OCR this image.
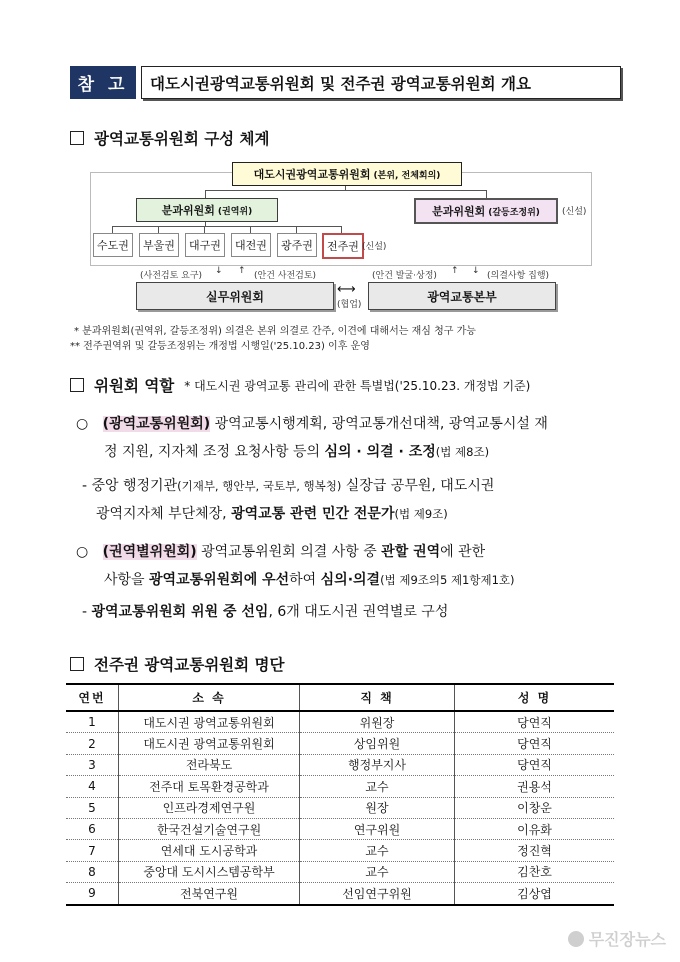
참 고	대도시권광역교통위원회 및 전주권 광역교통위원회 개요
광역교통위원회 구성 체계
대도시권광역교통위원회 (본위, 전체회의)
분과위원회 (권역위)	분과위원회 (갈등조정위) (신설)
수도권	부울권	대구권	대전권	광주권	전주권 (신설)
(사전검토 요구) ↓ ↑ (안건 사전검토)	(안건 발굴·상정) ↑ ↓ (의결사항 집행)
실무위원회	⟷
(협업)
광역교통본부
* 분과위원회(권역위, 갈등조정위) 의결은 본위 의결로 간주, 이견에 대해서는 재심 청구 가능
** 전주권역위 및 갈등조정위는 개정법 시행일('25.10.23) 이후 운영
위원회 역할 * 대도시권 광역교통 관리에 관한 특별법('25.10.23. 개정법 기준)
○ (광역교통위원회) 광역교통시행계획, 광역교통개선대책, 광역교통시설 재
정 지원, 지자체 조정 요청사항 등의 심의 · 의결 · 조정(법 제8조)
- 중앙 행정기관(기재부, 행안부, 국토부, 행복청) 실장급 공무원, 대도시권
광역지자체 부단체장, 광역교통 관련 민간 전문가(법 제9조)
○ (권역별위원회) 광역교통위원회 의결 사항 중 관할 권역에 관한
사항을 광역교통위원회에 우선하여 심의·의결(법 제9조의5 제1항제1호)
- 광역교통위원회 위원 중 선임, 6개 대도시권 권역별로 구성
전주권 광역교통위원회 명단
연번	소 속	직 책	성 명
1	대도시권 광역교통위원회	위원장	당연직
2	대도시권 광역교통위원회	상임위원	당연직
3	전라북도	행정부지사	당연직
4	전주대 토목환경공학과	교수	권용석
5	인프라경제연구원	원장	이창운
6	한국건설기술연구원	연구위원	이유화
7	연세대 도시공학과	교수	정진혁
8	중앙대 도시시스템공학부	교수	김찬호
9	전북연구원	선임연구위원	김상엽
무진장뉴스
